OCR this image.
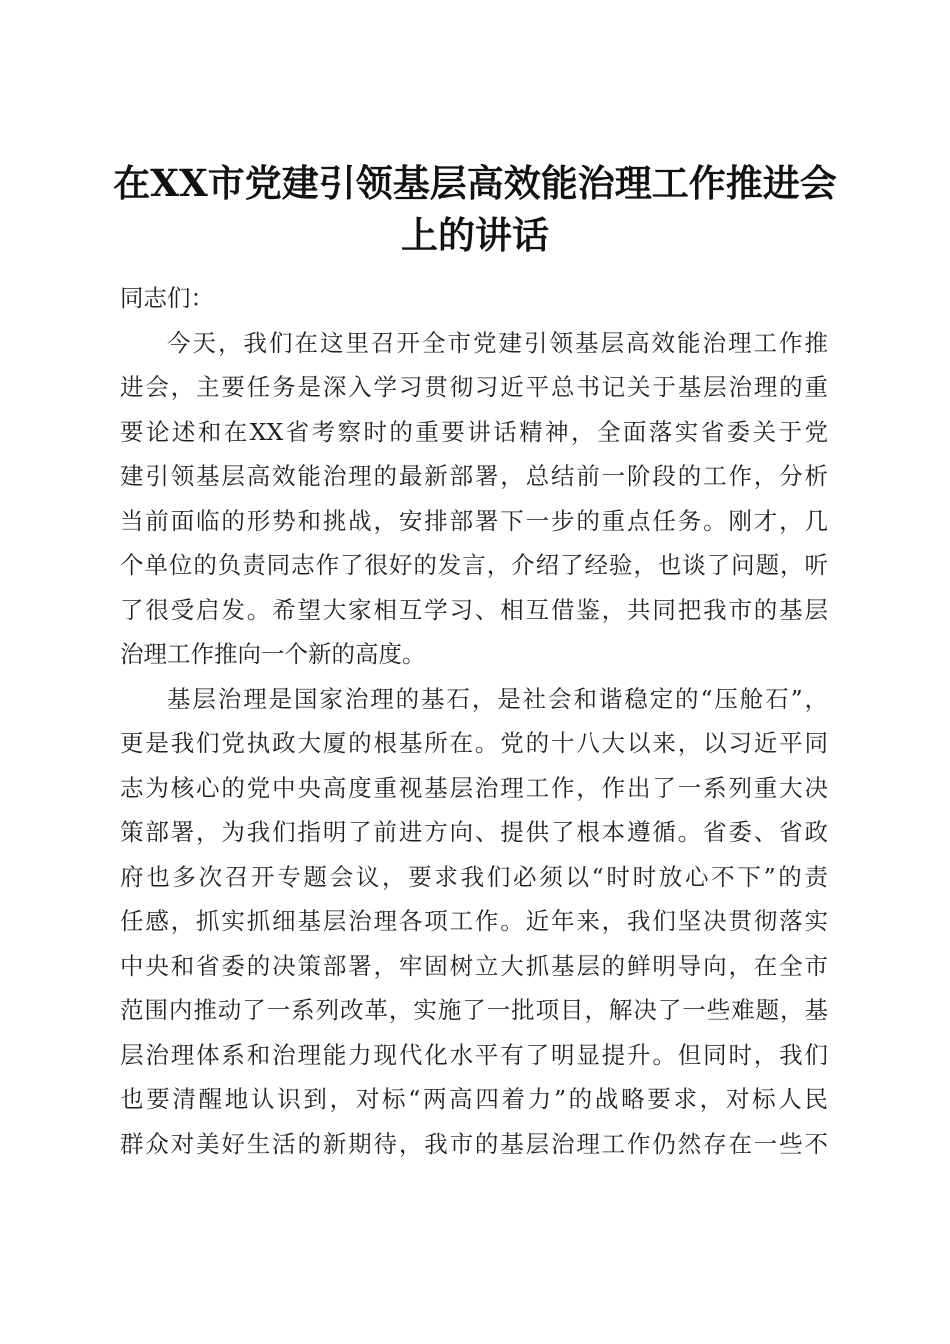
在XX市党建引领基层高效能治理工作推进会
上的讲话

同志们：

今天，我们在这里召开全市党建引领基层高效能治理工作推
进会，主要任务是深入学习贯彻习近平总书记关于基层治理的重
要论述和在XX省考察时的重要讲话精神，全面落实省委关于党
建引领基层高效能治理的最新部署，总结前一阶段的工作，分析
当前面临的形势和挑战，安排部署下一步的重点任务。刚才，几
个单位的负责同志作了很好的发言，介绍了经验，也谈了问题，听
了很受启发。希望大家相互学习、相互借鉴，共同把我市的基层
治理工作推向一个新的高度。

基层治理是国家治理的基石，是社会和谐稳定的“压舱石”，
更是我们党执政大厦的根基所在。党的十八大以来，以习近平同
志为核心的党中央高度重视基层治理工作，作出了一系列重大决
策部署，为我们指明了前进方向、提供了根本遵循。省委、省政
府也多次召开专题会议，要求我们必须以“时时放心不下”的责
任感，抓实抓细基层治理各项工作。近年来，我们坚决贯彻落实
中央和省委的决策部署，牢固树立大抓基层的鲜明导向，在全市
范围内推动了一系列改革，实施了一批项目，解决了一些难题，基
层治理体系和治理能力现代化水平有了明显提升。但同时，我们
也要清醒地认识到，对标“两高四着力”的战略要求，对标人民
群众对美好生活的新期待，我市的基层治理工作仍然存在一些不
